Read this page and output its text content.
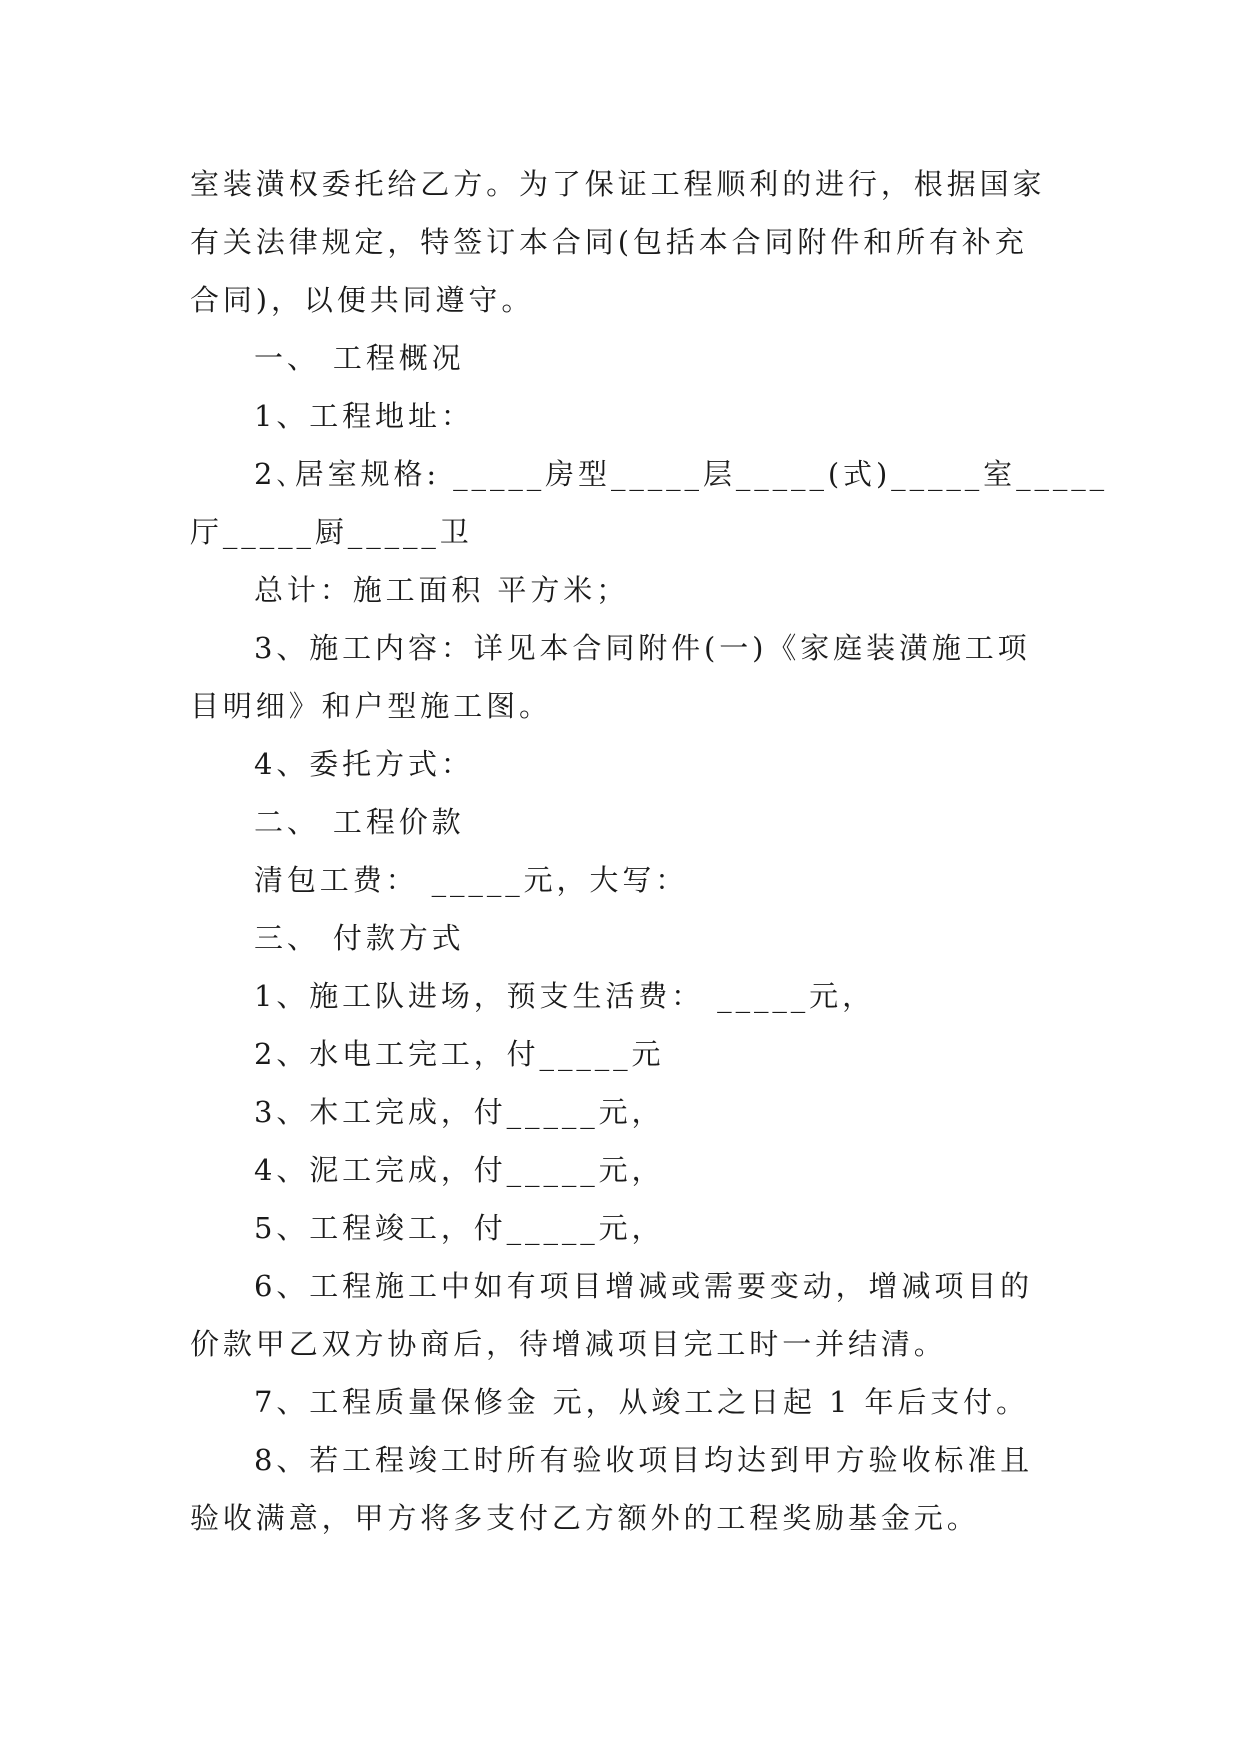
室装潢权委托给乙方。为了保证工程顺利的进行，根据国家
有关法律规定，特签订本合同(包括本合同附件和所有补充
合同)，以便共同遵守。
一、 工程概况
1、工程地址：
2､居室规格: _____房型_____层_____(式)_____室_____
厅_____厨_____卫
总计：施工面积 平方米；
3、施工内容：详见本合同附件(一)《家庭装潢施工项
目明细》和户型施工图。
4、委托方式：
二、 工程价款
清包工费： _____元，大写：
三、 付款方式
1、施工队进场，预支生活费： _____元，
2、水电工完工，付_____元
3、木工完成，付_____元，
4、泥工完成，付_____元，
5、工程竣工，付_____元，
6、工程施工中如有项目增减或需要变动，增减项目的
价款甲乙双方协商后，待增减项目完工时一并结清。
7、工程质量保修金 元，从竣工之日起 1 年后支付。
8、若工程竣工时所有验收项目均达到甲方验收标准且
验收满意，甲方将多支付乙方额外的工程奖励基金元。
